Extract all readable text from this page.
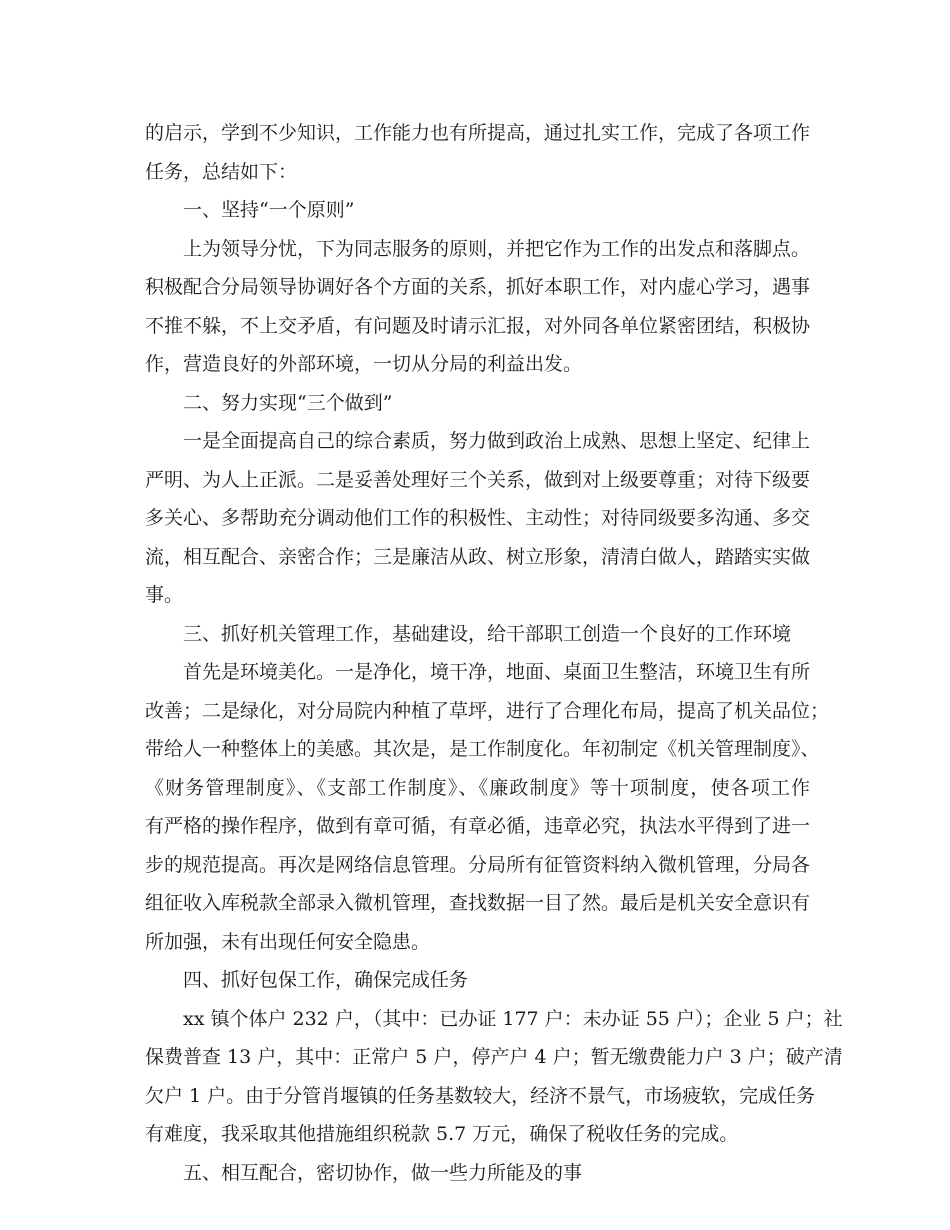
的启示，学到不少知识，工作能力也有所提高，通过扎实工作，完成了各项工作
任务，总结如下：
一、坚持“一个原则”
上为领导分忧，下为同志服务的原则，并把它作为工作的出发点和落脚点。
积极配合分局领导协调好各个方面的关系，抓好本职工作，对内虚心学习，遇事
不推不躲，不上交矛盾，有问题及时请示汇报，对外同各单位紧密团结，积极协
作，营造良好的外部环境，一切从分局的利益出发。
二、努力实现“三个做到”
一是全面提高自己的综合素质，努力做到政治上成熟、思想上坚定、纪律上
严明、为人上正派。二是妥善处理好三个关系，做到对上级要尊重；对待下级要
多关心、多帮助充分调动他们工作的积极性、主动性；对待同级要多沟通、多交
流，相互配合、亲密合作；三是廉洁从政、树立形象，清清白做人，踏踏实实做
事。
三、抓好机关管理工作，基础建设，给干部职工创造一个良好的工作环境
首先是环境美化。一是净化，境干净，地面、桌面卫生整洁，环境卫生有所
改善；二是绿化，对分局院内种植了草坪，进行了合理化布局，提高了机关品位；
带给人一种整体上的美感。其次是，是工作制度化。年初制定《机关管理制度》、
《财务管理制度》、《支部工作制度》、《廉政制度》等十项制度，使各项工作
有严格的操作程序，做到有章可循，有章必循，违章必究，执法水平得到了进一
步的规范提高。再次是网络信息管理。分局所有征管资料纳入微机管理，分局各
组征收入库税款全部录入微机管理，查找数据一目了然。最后是机关安全意识有
所加强，未有出现任何安全隐患。
四、抓好包保工作，确保完成任务
xx 镇个体户 232 户，（其中：已办证 177 户：未办证 55 户）；企业 5 户；社
保费普查 13 户，其中：正常户 5 户，停产户 4 户；暂无缴费能力户 3 户；破产清
欠户 1 户。由于分管肖堰镇的任务基数较大，经济不景气，市场疲软，完成任务
有难度，我采取其他措施组织税款 5.7 万元，确保了税收任务的完成。
五、相互配合，密切协作，做一些力所能及的事
